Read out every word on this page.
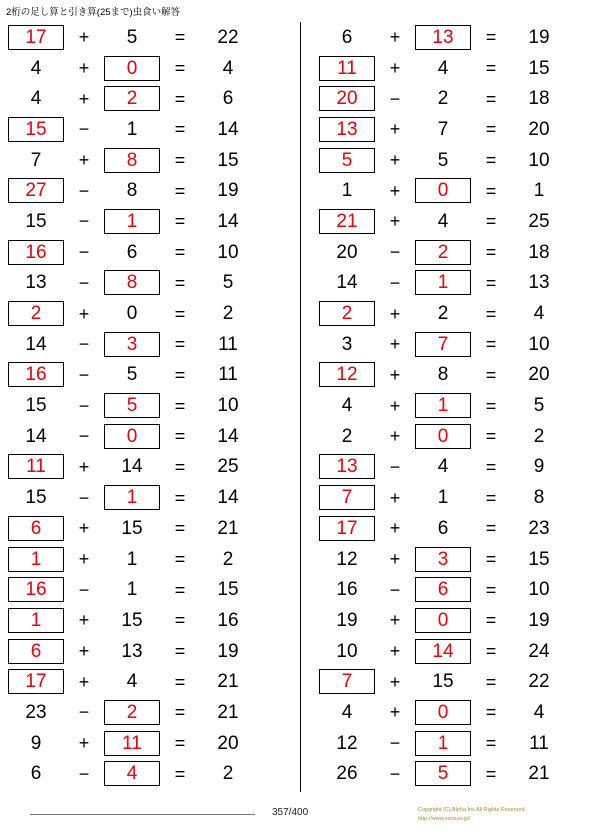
2桁の足し算と引き算(25まで)虫食い解答
17	+	5	=	22
4	+	0	=	4
4	+	2	=	6
15	−	1	=	14
7	+	8	=	15
27	−	8	=	19
15	−	1	=	14
16	−	6	=	10
13	−	8	=	5
2	+	0	=	2
14	−	3	=	11
16	−	5	=	11
15	−	5	=	10
14	−	0	=	14
11	+	14	=	25
15	−	1	=	14
6	+	15	=	21
1	+	1	=	2
16	−	1	=	15
1	+	15	=	16
6	+	13	=	19
17	+	4	=	21
23	−	2	=	21
9	+	11	=	20
6	−	4	=	2
6	+	13	=	19
11	+	4	=	15
20	−	2	=	18
13	+	7	=	20
5	+	5	=	10
1	+	0	=	1
21	+	4	=	25
20	−	2	=	18
14	−	1	=	13
2	+	2	=	4
3	+	7	=	10
12	+	8	=	20
4	+	1	=	5
2	+	0	=	2
13	−	4	=	9
7	+	1	=	8
17	+	6	=	23
12	+	3	=	15
16	−	6	=	10
19	+	0	=	19
10	+	14	=	24
7	+	15	=	22
4	+	0	=	4
12	−	1	=	11
26	−	5	=	21
357/400	Copyright (C) Alpha,Inc All Rights Reserved.
http://www.sansuu.jp/
